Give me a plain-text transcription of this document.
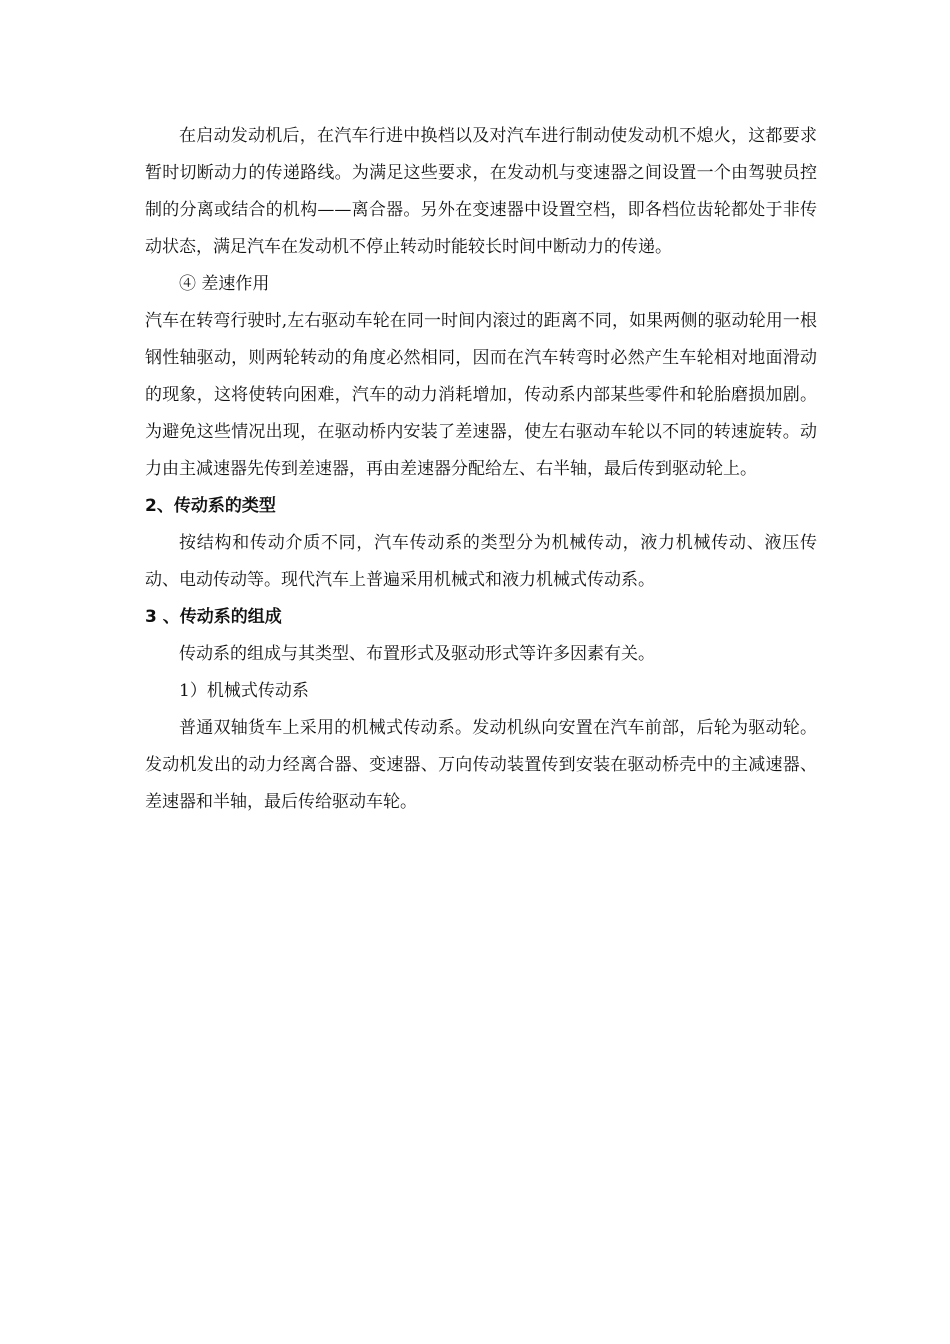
在启动发动机后，在汽车行进中换档以及对汽车进行制动使发动机不熄火，这都要求暂时切断动力的传递路线。为满足这些要求，在发动机与变速器之间设置一个由驾驶员控制的分离或结合的机构——离合器。另外在变速器中设置空档，即各档位齿轮都处于非传动状态，满足汽车在发动机不停止转动时能较长时间中断动力的传递。

④ 差速作用

汽车在转弯行驶时,左右驱动车轮在同一时间内滚过的距离不同，如果两侧的驱动轮用一根钢性轴驱动，则两轮转动的角度必然相同，因而在汽车转弯时必然产生车轮相对地面滑动的现象，这将使转向困难，汽车的动力消耗增加，传动系内部某些零件和轮胎磨损加剧。为避免这些情况出现，在驱动桥内安装了差速器，使左右驱动车轮以不同的转速旋转。动力由主减速器先传到差速器，再由差速器分配给左、右半轴，最后传到驱动轮上。

2、传动系的类型

按结构和传动介质不同，汽车传动系的类型分为机械传动，液力机械传动、液压传动、电动传动等。现代汽车上普遍采用机械式和液力机械式传动系。

3 、传动系的组成

传动系的组成与其类型、布置形式及驱动形式等许多因素有关。

1）机械式传动系

普通双轴货车上采用的机械式传动系。发动机纵向安置在汽车前部，后轮为驱动轮。发动机发出的动力经离合器、变速器、万向传动装置传到安装在驱动桥壳中的主减速器、差速器和半轴，最后传给驱动车轮。
